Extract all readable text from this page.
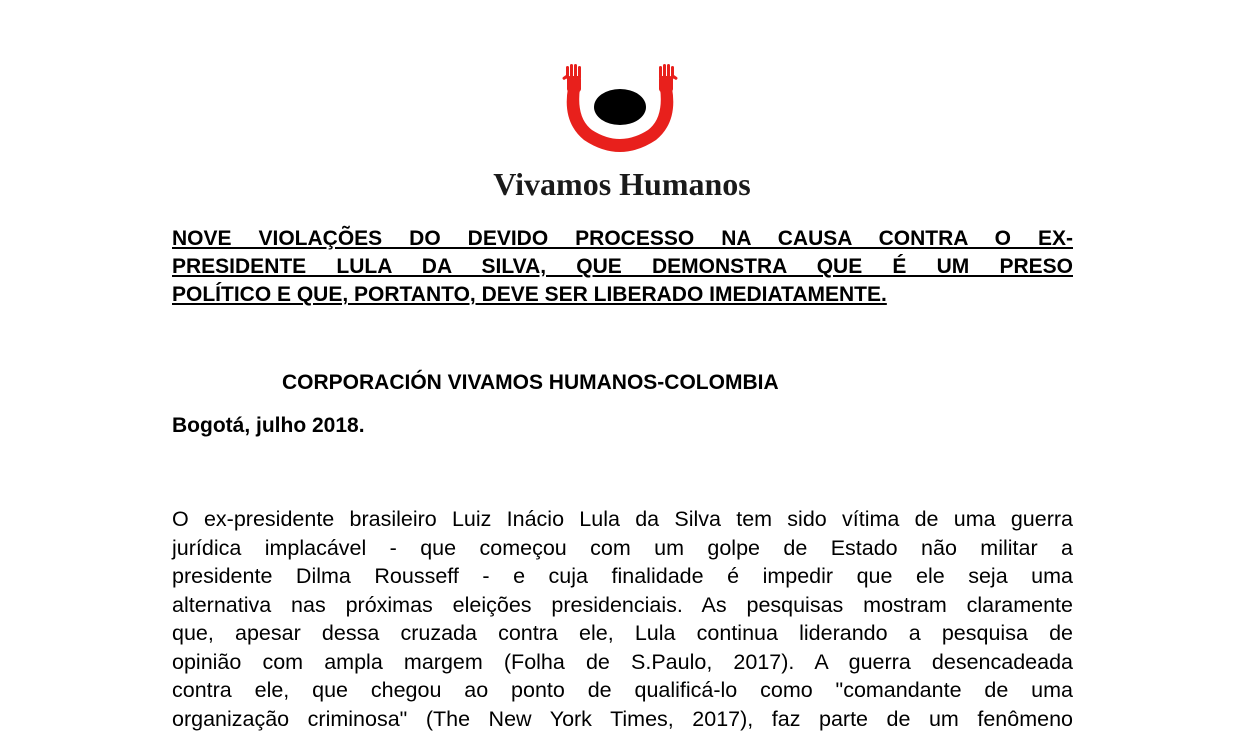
Vivamos Humanos
NOVE VIOLAÇÕES DO DEVIDO PROCESSO NA CAUSA CONTRA O EX-
PRESIDENTE LULA DA SILVA, QUE DEMONSTRA QUE É UM PRESO
POLÍTICO E QUE, PORTANTO, DEVE SER LIBERADO IMEDIATAMENTE.
CORPORACIÓN VIVAMOS HUMANOS-COLOMBIA
Bogotá, julho 2018.
O ex-presidente brasileiro Luiz Inácio Lula da Silva tem sido vítima de uma guerra
jurídica implacável - que começou com um golpe de Estado não militar a
presidente Dilma Rousseff - e cuja finalidade é impedir que ele seja uma
alternativa nas próximas eleições presidenciais. As pesquisas mostram claramente
que, apesar dessa cruzada contra ele, Lula continua liderando a pesquisa de
opinião com ampla margem (Folha de S.Paulo, 2017). A guerra desencadeada
contra ele, que chegou ao ponto de qualificá-lo como "comandante de uma
organização criminosa" (The New York Times, 2017), faz parte de um fenômeno
